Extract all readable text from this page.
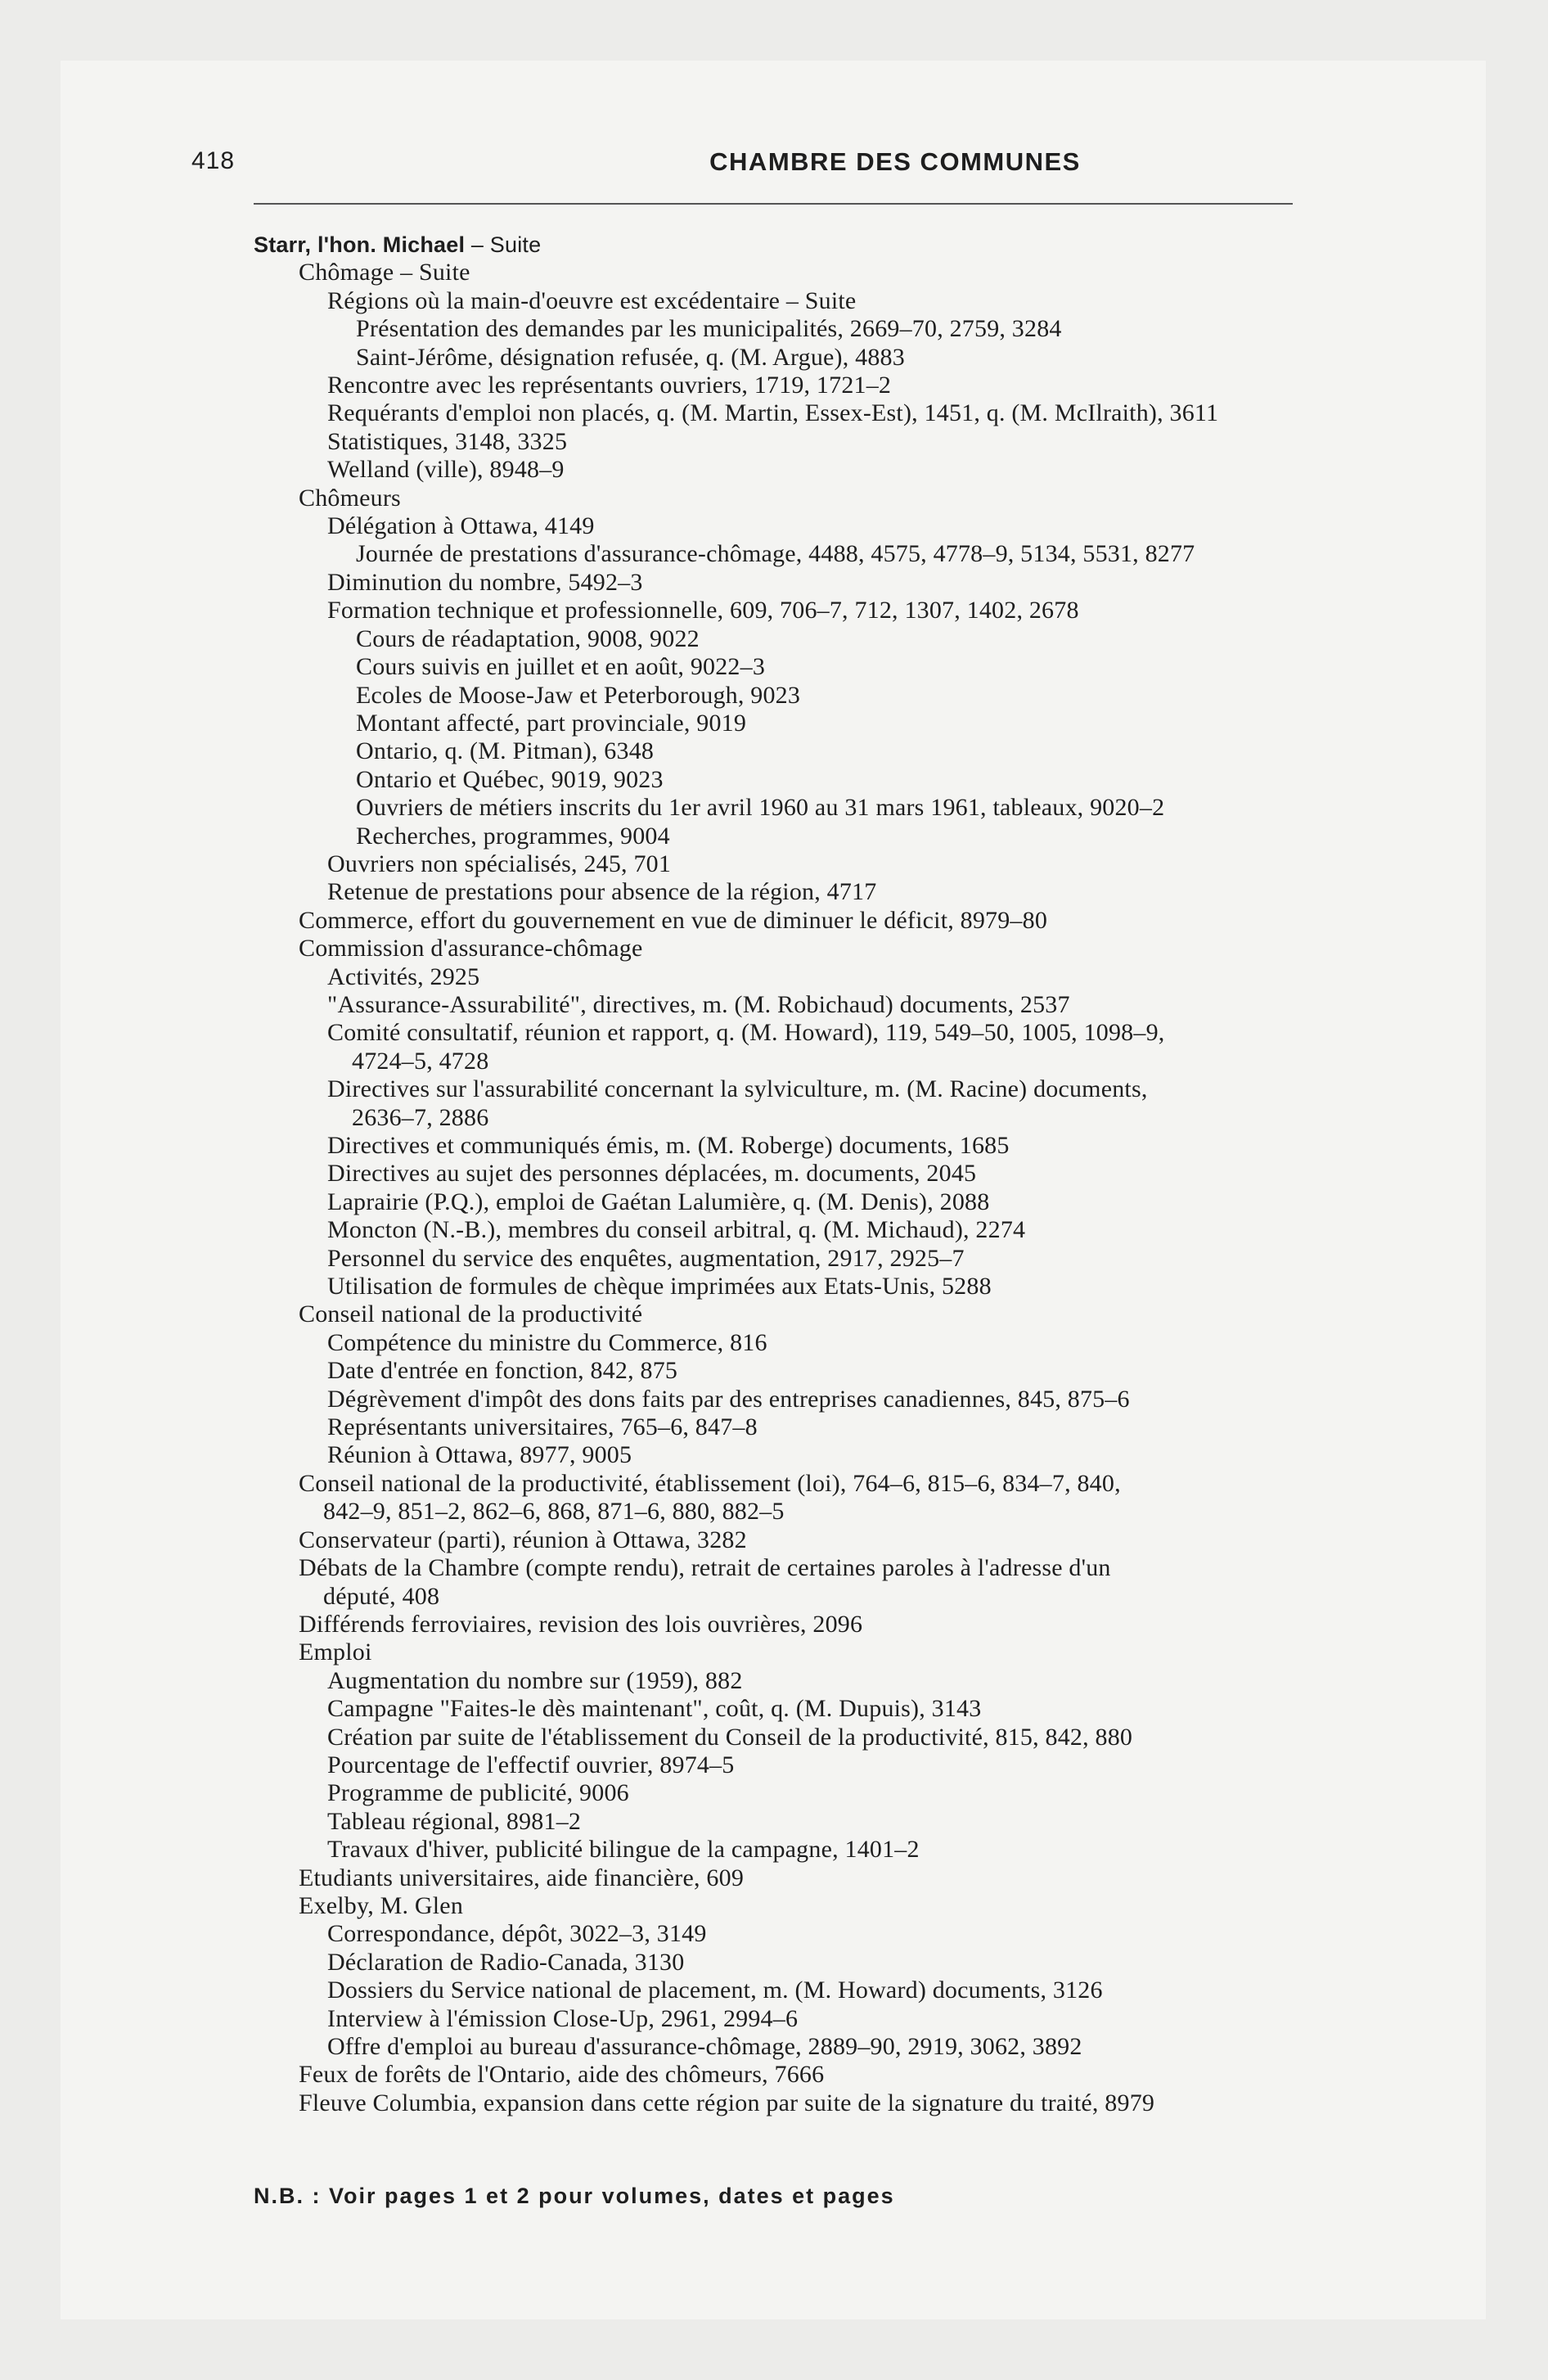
418	CHAMBRE DES COMMUNES
Starr, l'hon. Michael – Suite
Chômage – Suite
Régions où la main-d'oeuvre est excédentaire – Suite
Présentation des demandes par les municipalités, 2669–70, 2759, 3284
Saint-Jérôme, désignation refusée, q. (M. Argue), 4883
Rencontre avec les représentants ouvriers, 1719, 1721–2
Requérants d'emploi non placés, q. (M. Martin, Essex-Est), 1451, q. (M. McIlraith), 3611
Statistiques, 3148, 3325
Welland (ville), 8948–9
Chômeurs
Délégation à Ottawa, 4149
Journée de prestations d'assurance-chômage, 4488, 4575, 4778–9, 5134, 5531, 8277
Diminution du nombre, 5492–3
Formation technique et professionnelle, 609, 706–7, 712, 1307, 1402, 2678
Cours de réadaptation, 9008, 9022
Cours suivis en juillet et en août, 9022–3
Ecoles de Moose-Jaw et Peterborough, 9023
Montant affecté, part provinciale, 9019
Ontario, q. (M. Pitman), 6348
Ontario et Québec, 9019, 9023
Ouvriers de métiers inscrits du 1er avril 1960 au 31 mars 1961, tableaux, 9020–2
Recherches, programmes, 9004
Ouvriers non spécialisés, 245, 701
Retenue de prestations pour absence de la région, 4717
Commerce, effort du gouvernement en vue de diminuer le déficit, 8979–80
Commission d'assurance-chômage
Activités, 2925
"Assurance-Assurabilité", directives, m. (M. Robichaud) documents, 2537
Comité consultatif, réunion et rapport, q. (M. Howard), 119, 549–50, 1005, 1098–9,
4724–5, 4728
Directives sur l'assurabilité concernant la sylviculture, m. (M. Racine) documents,
2636–7, 2886
Directives et communiqués émis, m. (M. Roberge) documents, 1685
Directives au sujet des personnes déplacées, m. documents, 2045
Laprairie (P.Q.), emploi de Gaétan Lalumière, q. (M. Denis), 2088
Moncton (N.-B.), membres du conseil arbitral, q. (M. Michaud), 2274
Personnel du service des enquêtes, augmentation, 2917, 2925–7
Utilisation de formules de chèque imprimées aux Etats-Unis, 5288
Conseil national de la productivité
Compétence du ministre du Commerce, 816
Date d'entrée en fonction, 842, 875
Dégrèvement d'impôt des dons faits par des entreprises canadiennes, 845, 875–6
Représentants universitaires, 765–6, 847–8
Réunion à Ottawa, 8977, 9005
Conseil national de la productivité, établissement (loi), 764–6, 815–6, 834–7, 840,
842–9, 851–2, 862–6, 868, 871–6, 880, 882–5
Conservateur (parti), réunion à Ottawa, 3282
Débats de la Chambre (compte rendu), retrait de certaines paroles à l'adresse d'un
député, 408
Différends ferroviaires, revision des lois ouvrières, 2096
Emploi
Augmentation du nombre sur (1959), 882
Campagne "Faites-le dès maintenant", coût, q. (M. Dupuis), 3143
Création par suite de l'établissement du Conseil de la productivité, 815, 842, 880
Pourcentage de l'effectif ouvrier, 8974–5
Programme de publicité, 9006
Tableau régional, 8981–2
Travaux d'hiver, publicité bilingue de la campagne, 1401–2
Etudiants universitaires, aide financière, 609
Exelby, M. Glen
Correspondance, dépôt, 3022–3, 3149
Déclaration de Radio-Canada, 3130
Dossiers du Service national de placement, m. (M. Howard) documents, 3126
Interview à l'émission Close-Up, 2961, 2994–6
Offre d'emploi au bureau d'assurance-chômage, 2889–90, 2919, 3062, 3892
Feux de forêts de l'Ontario, aide des chômeurs, 7666
Fleuve Columbia, expansion dans cette région par suite de la signature du traité, 8979
N.B. : Voir pages 1 et 2 pour volumes, dates et pages
